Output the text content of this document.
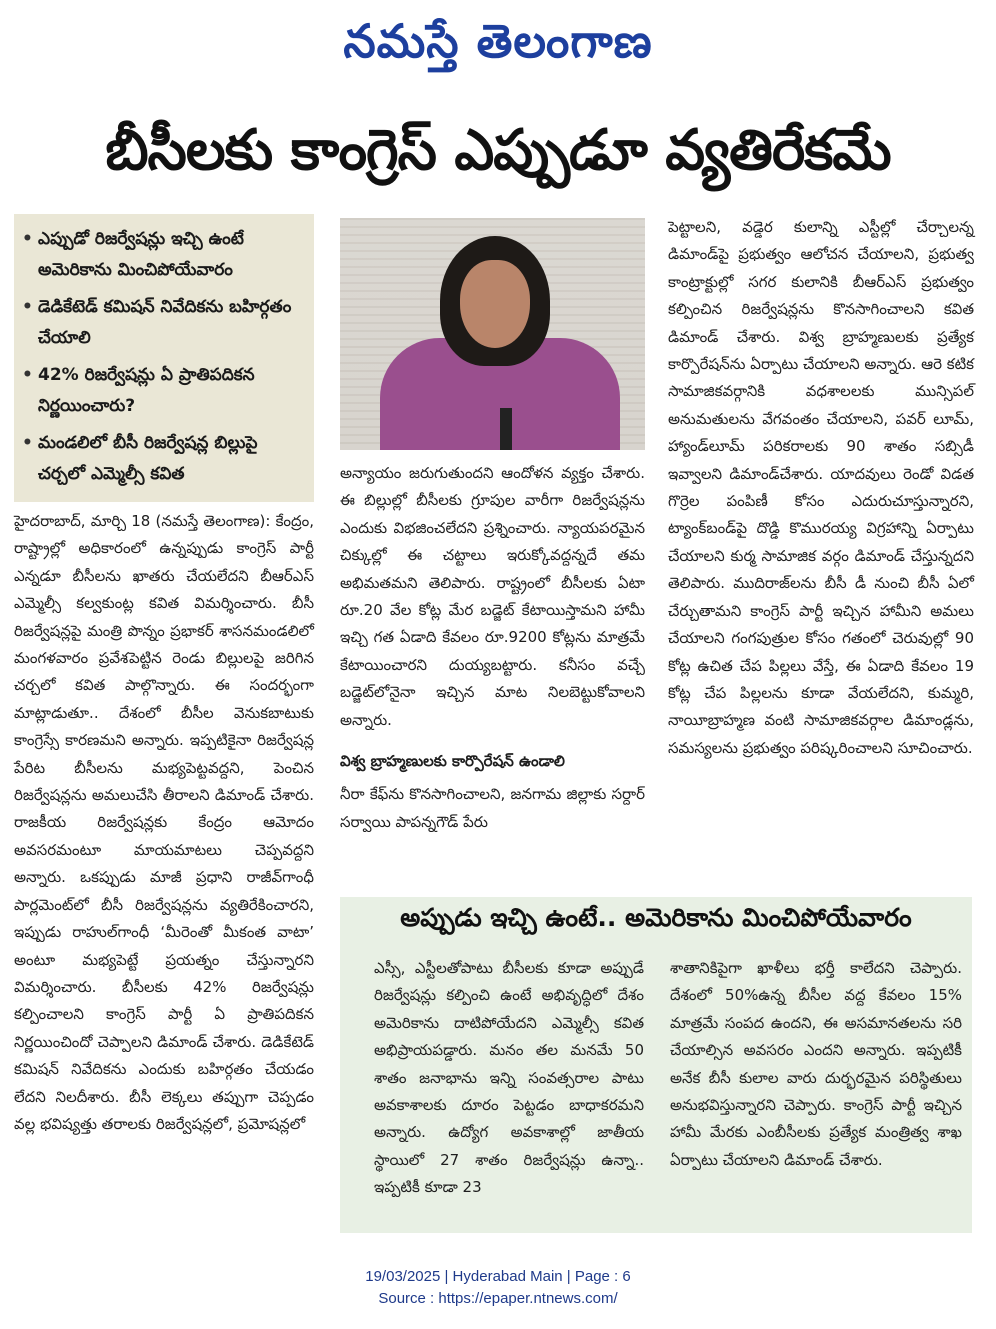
నమస్తే తెలంగాణ
బీసీలకు కాంగ్రెస్ ఎప్పుడూ వ్యతిరేకమే
• ఎప్పుడో రిజర్వేషన్లు ఇచ్చి ఉంటే అమెరికాను మించిపోయేవారం
• డెడికేటెడ్ కమిషన్ నివేదికను బహిర్గతం చేయాలి
• 42% రిజర్వేషన్లు ఏ ప్రాతిపదికన నిర్ణయించారు?
• మండలిలో బీసీ రిజర్వేషన్ల బిల్లుపై చర్చలో ఎమ్మెల్సీ కవిత

హైదరాబాద్, మార్చి 18 (నమస్తే తెలంగాణ): కేంద్రం, రాష్ట్రాల్లో అధికారంలో ఉన్నప్పుడు కాంగ్రెస్ పార్టీ ఎన్నడూ బీసీలను ఖాతరు చేయలేదని బీఆర్ఎస్ ఎమ్మెల్సీ కల్వకుంట్ల కవిత విమర్శించారు. బీసీ రిజర్వేషన్లపై మంత్రి పొన్నం ప్రభాకర్ శాసనమండలిలో మంగళవారం ప్రవేశపెట్టిన రెండు బిల్లులపై జరిగిన చర్చలో కవిత పాల్గొన్నారు. ఈ సందర్భంగా మాట్లాడుతూ.. దేశంలో బీసీల వెనుకబాటుకు కాంగ్రెస్సే కారణమని అన్నారు. ఇప్పటికైనా రిజర్వేషన్ల పేరిట బీసీలను మభ్యపెట్టవద్దని, పెంచిన రిజర్వేషన్లను అమలుచేసి తీరాలని డిమాండ్ చేశారు. రాజకీయ రిజర్వేషన్లకు కేంద్రం ఆమోదం అవసరమంటూ మాయమాటలు చెప్పవద్దని అన్నారు. ఒకప్పుడు మాజీ ప్రధాని రాజీవ్‌గాంధీ పార్లమెంట్‌లో బీసీ రిజర్వేషన్లను వ్యతిరేకించారని, ఇప్పుడు రాహుల్‌గాంధీ ‘మీరెంతో మీకంత వాటా’ అంటూ మభ్యపెట్టే ప్రయత్నం చేస్తున్నారని విమర్శించారు. బీసీలకు 42% రిజర్వేషన్లు కల్పించాలని కాంగ్రెస్ పార్టీ ఏ ప్రాతిపదికన నిర్ణయించిందో చెప్పాలని డిమాండ్ చేశారు. డెడికేటెడ్ కమిషన్ నివేదికను ఎందుకు బహిర్గతం చేయడం లేదని నిలదీశారు. బీసీ లెక్కలు తప్పుగా చెప్పడం వల్ల భవిష్యత్తు తరాలకు రిజర్వేషన్లలో, ప్రమోషన్లలో

అన్యాయం జరుగుతుందని ఆందోళన వ్యక్తం చేశారు. ఈ బిల్లుల్లో బీసీలకు గ్రూపుల వారీగా రిజర్వేషన్లను ఎందుకు విభజించలేదని ప్రశ్నించారు. న్యాయపరమైన చిక్కుల్లో ఈ చట్టాలు ఇరుక్కోవద్దన్నదే తమ అభిమతమని తెలిపారు. రాష్ట్రంలో బీసీలకు ఏటా రూ.20 వేల కోట్ల మేర బడ్జెట్ కేటాయిస్తామని హామీ ఇచ్చి గత ఏడాది కేవలం రూ.9200 కోట్లను మాత్రమే కేటాయించారని దుయ్యబట్టారు. కనీసం వచ్చే బడ్జెట్‌లోనైనా ఇచ్చిన మాట నిలబెట్టుకోవాలని అన్నారు.

విశ్వ బ్రాహ్మణులకు కార్పొరేషన్ ఉండాలి

నీరా కేఫ్‌ను కొనసాగించాలని, జనగామ జిల్లాకు సర్దార్ సర్వాయి పాపన్నగౌడ్ పేరు

పెట్టాలని, వడ్డెర కులాన్ని ఎస్టీల్లో చేర్చాలన్న డిమాండ్‌పై ప్రభుత్వం ఆలోచన చేయాలని, ప్రభుత్వ కాంట్రాక్టుల్లో సగర కులానికి బీఆర్ఎస్ ప్రభుత్వం కల్పించిన రిజర్వేషన్లను కొనసాగించాలని కవిత డిమాండ్ చేశారు. విశ్వ బ్రాహ్మణులకు ప్రత్యేక కార్పొరేషన్‌ను ఏర్పాటు చేయాలని అన్నారు. ఆరె కటిక సామాజికవర్గానికి వధశాలలకు మున్సిపల్ అనుమతులను వేగవంతం చేయాలని, పవర్ లూమ్, హ్యాండ్‌లూమ్ పరికరాలకు 90 శాతం సబ్సిడీ ఇవ్వాలని డిమాండ్‌చేశారు. యాదవులు రెండో విడత గొర్రెల పంపిణీ కోసం ఎదురుచూస్తున్నారని, ట్యాంక్‌బండ్‌పై దొడ్డి కొమురయ్య విగ్రహాన్ని ఏర్పాటు చేయాలని కుర్మ సామాజిక వర్గం డిమాండ్ చేస్తున్నదని తెలిపారు. ముదిరాజ్‌లను బీసీ డీ నుంచి బీసీ ఏలో చేర్చుతామని కాంగ్రెస్ పార్టీ ఇచ్చిన హామీని అమలు చేయాలని గంగపుత్రుల కోసం గతంలో చెరువుల్లో 90 కోట్ల ఉచిత చేప పిల్లలు వేస్తే, ఈ ఏడాది కేవలం 19 కోట్ల చేప పిల్లలను కూడా వేయలేదని, కుమ్మరి, నాయీబ్రాహ్మణ వంటి సామాజికవర్గాల డిమాండ్లను, సమస్యలను ప్రభుత్వం పరిష్కరించాలని సూచించారు.

అప్పుడు ఇచ్చి ఉంటే.. అమెరికాను మించిపోయేవారం
ఎస్సీ, ఎస్టీలతోపాటు బీసీలకు కూడా అప్పుడే రిజర్వేషన్లు కల్పించి ఉంటే అభివృద్ధిలో దేశం అమెరికాను దాటిపోయేదని ఎమ్మెల్సీ కవిత అభిప్రాయపడ్డారు. మనం తల మనమే 50 శాతం జనాభాను ఇన్ని సంవత్సరాల పాటు అవకాశాలకు దూరం పెట్టడం బాధాకరమని అన్నారు. ఉద్యోగ అవకాశాల్లో జాతీయ స్థాయిలో 27 శాతం రిజర్వేషన్లు ఉన్నా.. ఇప్పటికీ కూడా 23
శాతానికిపైగా ఖాళీలు భర్తీ కాలేదని చెప్పారు. దేశంలో 50%ఉన్న బీసీల వద్ద కేవలం 15% మాత్రమే సంపద ఉందని, ఈ అసమానతలను సరి చేయాల్సిన అవసరం ఎందని అన్నారు. ఇప్పటికీ అనేక బీసీ కులాల వారు దుర్భరమైన పరిస్థితులు అనుభవిస్తున్నారని చెప్పారు. కాంగ్రెస్ పార్టీ ఇచ్చిన హామీ మేరకు ఎంబీసీలకు ప్రత్యేక మంత్రిత్వ శాఖ ఏర్పాటు చేయాలని డిమాండ్ చేశారు.
19/03/2025 | Hyderabad Main | Page : 6
Source : https://epaper.ntnews.com/
